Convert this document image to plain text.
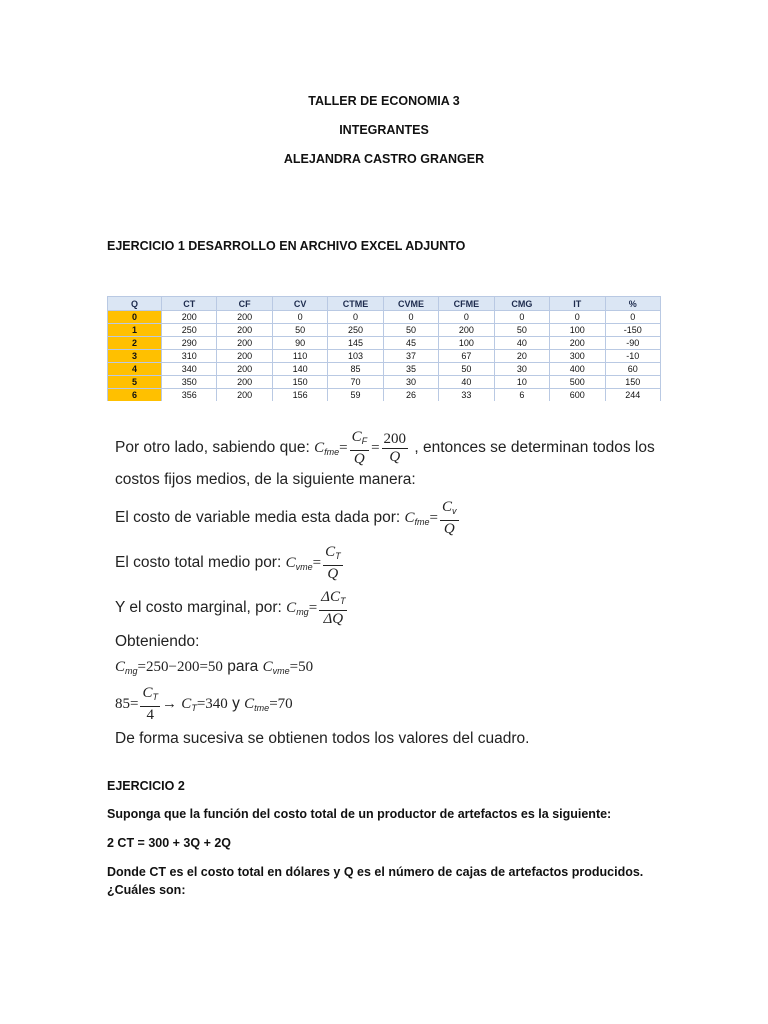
TALLER DE ECONOMIA 3
INTEGRANTES
ALEJANDRA CASTRO GRANGER
EJERCICIO 1 DESARROLLO EN ARCHIVO EXCEL ADJUNTO
Q	CT	CF	CV	CTME	CVME	CFME	CMG	IT	%
0	200	200	0	0	0	0	0	0	0
1	250	200	50	250	50	200	50	100	-150
2	290	200	90	145	45	100	40	200	-90
3	310	200	110	103	37	67	20	300	-10
4	340	200	140	85	35	50	30	400	60
5	350	200	150	70	30	40	10	500	150
6	356	200	156	59	26	33	6	600	244
Por otro lado, sabiendo que: $C_{fme}= \frac{C_F}{Q} = \frac{200}{Q}$ , entonces se determinan todos los
costos fijos medios, de la siguiente manera:
El costo de variable media esta dada por: $C_{fme}= \frac{C_v}{Q}$
El costo total medio por: $C_{vme}= \frac{C_T}{Q}$
Y el costo marginal, por: $C_{mg}= \frac{\Delta C_T}{\Delta Q}$
Obteniendo:
$C_{mg}=250-200=50$ para $C_{vme}=50$
$85= \frac{C_T}{4} \to C_T=340$ y $C_{tme}=70$
De forma sucesiva se obtienen todos los valores del cuadro.
EJERCICIO 2
Suponga que la función del costo total de un productor de artefactos es la siguiente:
2 CT = 300 + 3Q + 2Q
Donde CT es el costo total en dólares y Q es el número de cajas de artefactos producidos. ¿Cuáles son:
